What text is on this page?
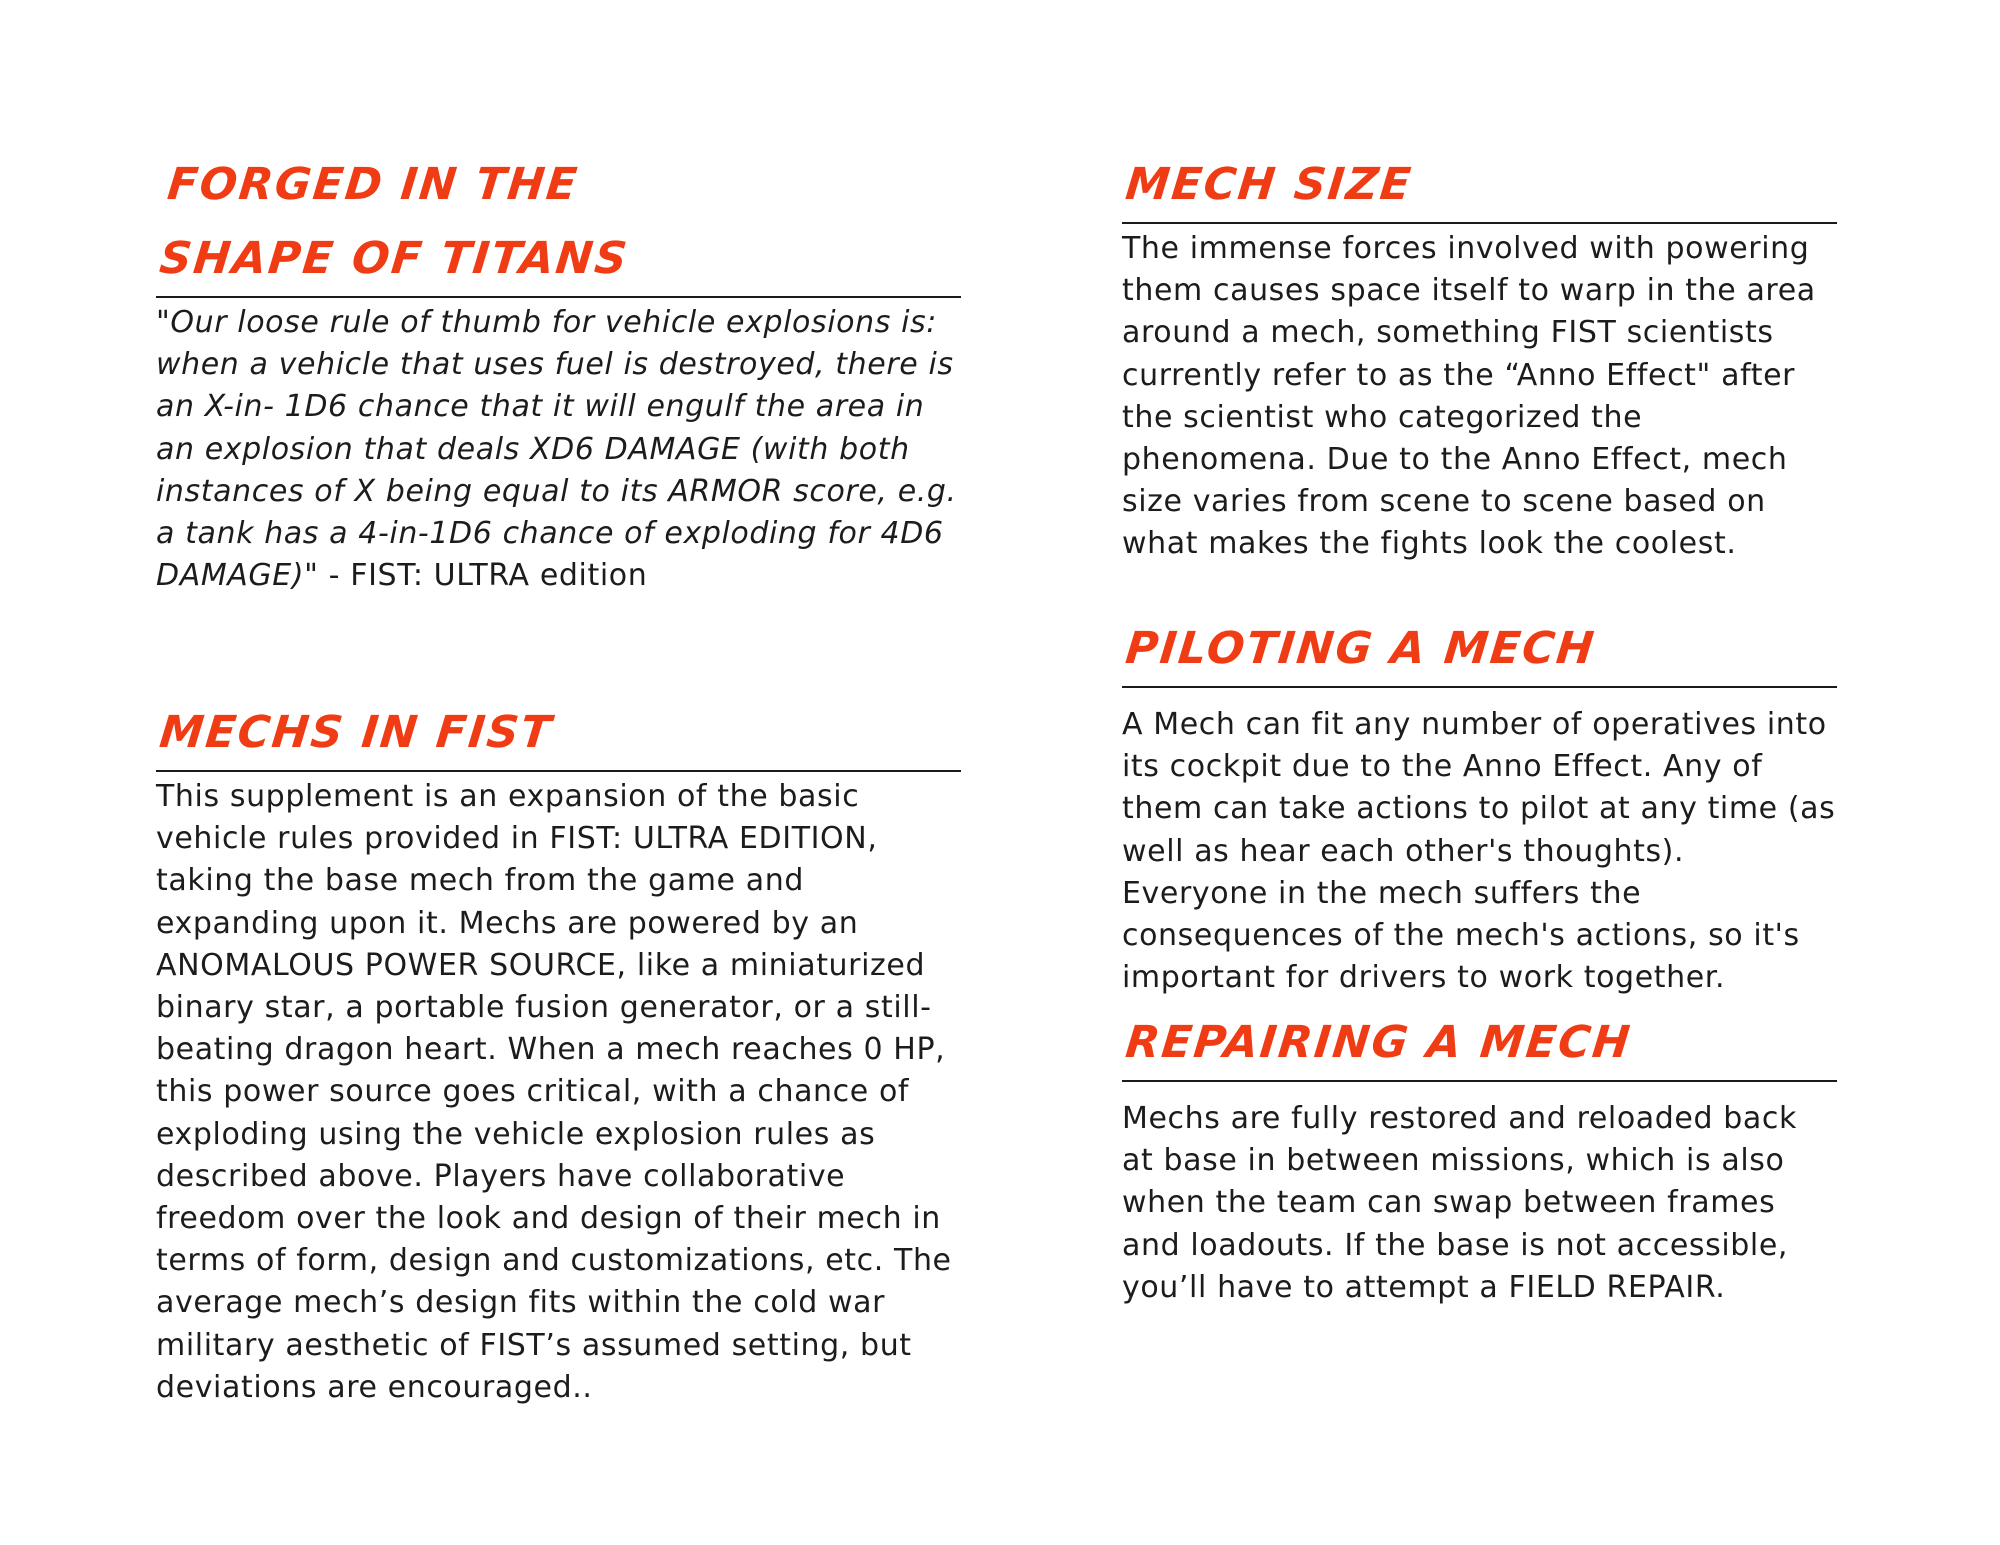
FORGED IN THE
SHAPE OF TITANS

"Our loose rule of thumb for vehicle explosions is: when a vehicle that uses fuel is destroyed, there is an X-in- 1D6 chance that it will engulf the area in an explosion that deals XD6 DAMAGE (with both instances of X being equal to its ARMOR score, e.g. a tank has a 4-in-1D6 chance of exploding for 4D6 DAMAGE)" - FIST: ULTRA edition

MECHS IN FIST

This supplement is an expansion of the basic vehicle rules provided in FIST: ULTRA EDITION, taking the base mech from the game and expanding upon it. Mechs are powered by an ANOMALOUS POWER SOURCE, like a miniaturized binary star, a portable fusion generator, or a still-beating dragon heart. When a mech reaches 0 HP, this power source goes critical, with a chance of exploding using the vehicle explosion rules as described above. Players have collaborative freedom over the look and design of their mech in terms of form, design and customizations, etc. The average mech’s design fits within the cold war military aesthetic of FIST’s assumed setting, but deviations are encouraged..

MECH SIZE

The immense forces involved with powering them causes space itself to warp in the area around a mech, something FIST scientists currently refer to as the “Anno Effect" after the scientist who categorized the phenomena. Due to the Anno Effect, mech size varies from scene to scene based on what makes the fights look the coolest.

PILOTING A MECH

A Mech can fit any number of operatives into its cockpit due to the Anno Effect. Any of them can take actions to pilot at any time (as well as hear each other's thoughts). Everyone in the mech suffers the consequences of the mech's actions, so it's important for drivers to work together.

REPAIRING A MECH

Mechs are fully restored and reloaded back at base in between missions, which is also when the team can swap between frames and loadouts. If the base is not accessible, you’ll have to attempt a FIELD REPAIR.
